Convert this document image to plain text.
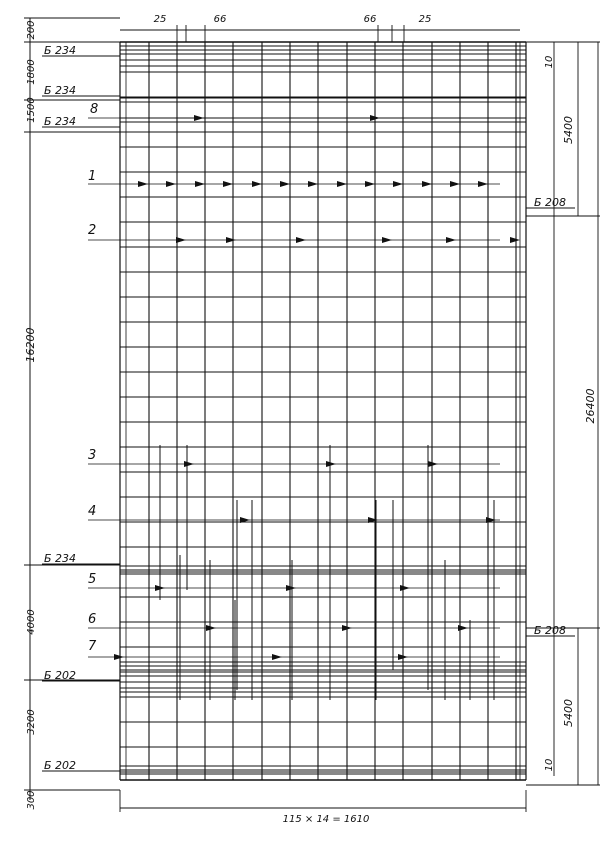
200
1800
1500
16200
4000
3200
300
10
5400
26400
5400
10
25	66	66	25
115 × 14 = 1610
Б 234
Б 234
Б 234
Б 234
Б 208
Б 208
Б 202
Б 202
1
2
3
4
5
6
7
8
